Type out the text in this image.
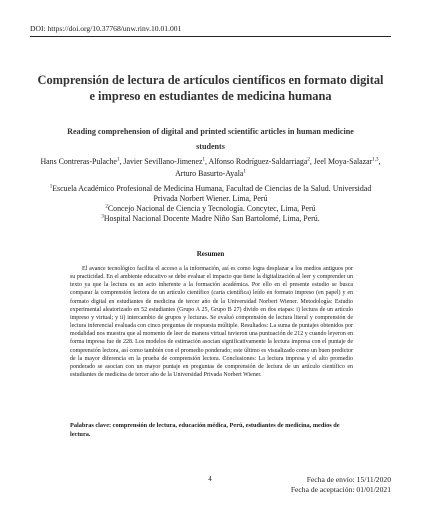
DOI: https://doi.org/10.37768/unw.rinv.10.01.001
Comprensión de lectura de artículos científicos en formato digital e impreso en estudiantes de medicina humana
Reading comprehension of digital and printed scientific articles in human medicine students
Hans Contreras-Pulache$^1$, Javier Sevillano-Jimenez$^1$, Alfonso Rodríguez-Saldarriaga$^2$, Jeel Moya-Salazar$^{1,3}$, Arturo Basurto-Ayala$^1$
$^1$Escuela Académico Profesional de Medicina Humana, Facultad de Ciencias de la Salud. Universidad Privada Norbert Wiener. Lima, Perú
$^2$Concejo Nacional de Ciencia y Tecnología. Concytec, Lima, Perú
$^3$Hospital Nacional Docente Madre Niño San Bartolomé, Lima, Perú.
Resumen

El avance tecnológico facilita el acceso a la información, así es como logra desplazar a los medios antiguos por su practicidad. En el ambiente educativo se debe evaluar el impacto que tiene la digitalización al leer y comprender un texto ya que la lectura es un acto inherente a la formación académica. Por ello en el presente estudio se busca comparar la comprensión lectora de un artículo científico (carta científica) leído en formato impreso (en papel) y en formato digital en estudiantes de medicina de tercer año de la Universidad Norbert Wiener. Metodología: Estudio experimental aleatorizado en 52 estudiantes (Grupo A 25, Grupo B 27) divido en dos etapas: i) lectura de un artículo impreso y virtual; y ii) intercambio de grupos y lecturas. Se evaluó comprensión de lectura literal y comprensión de lectura inferencial evaluada con cinco preguntas de respuesta múltiple. Resultados: La suma de puntajes obtenidos por modalidad nos muestra que al momento de leer de manera virtual tuvieron una puntuación de 212 y cuando leyeron en forma impresa fue de 228. Los modelos de estimación asocian significativamente la lectura impresa con el puntaje de comprensión lectora, así como también con el promedio ponderado; este último es visualizado como un buen predictor de la mayor diferencia en la prueba de comprensión lectora. Conclusiones: La lectura impresa y el alto promedio ponderado se asocian con un mayor puntaje en preguntas de comprensión de lectura de un artículo científico en estudiantes de medicina de tercer año de la Universidad Privada Norbert Wiener.

Palabras clave: comprensión de lectura, educación médica, Perú, estudiantes de medicina, medios de lectura.

4	Fecha de envío: 15/11/2020
Fecha de aceptación: 01/01/2021
